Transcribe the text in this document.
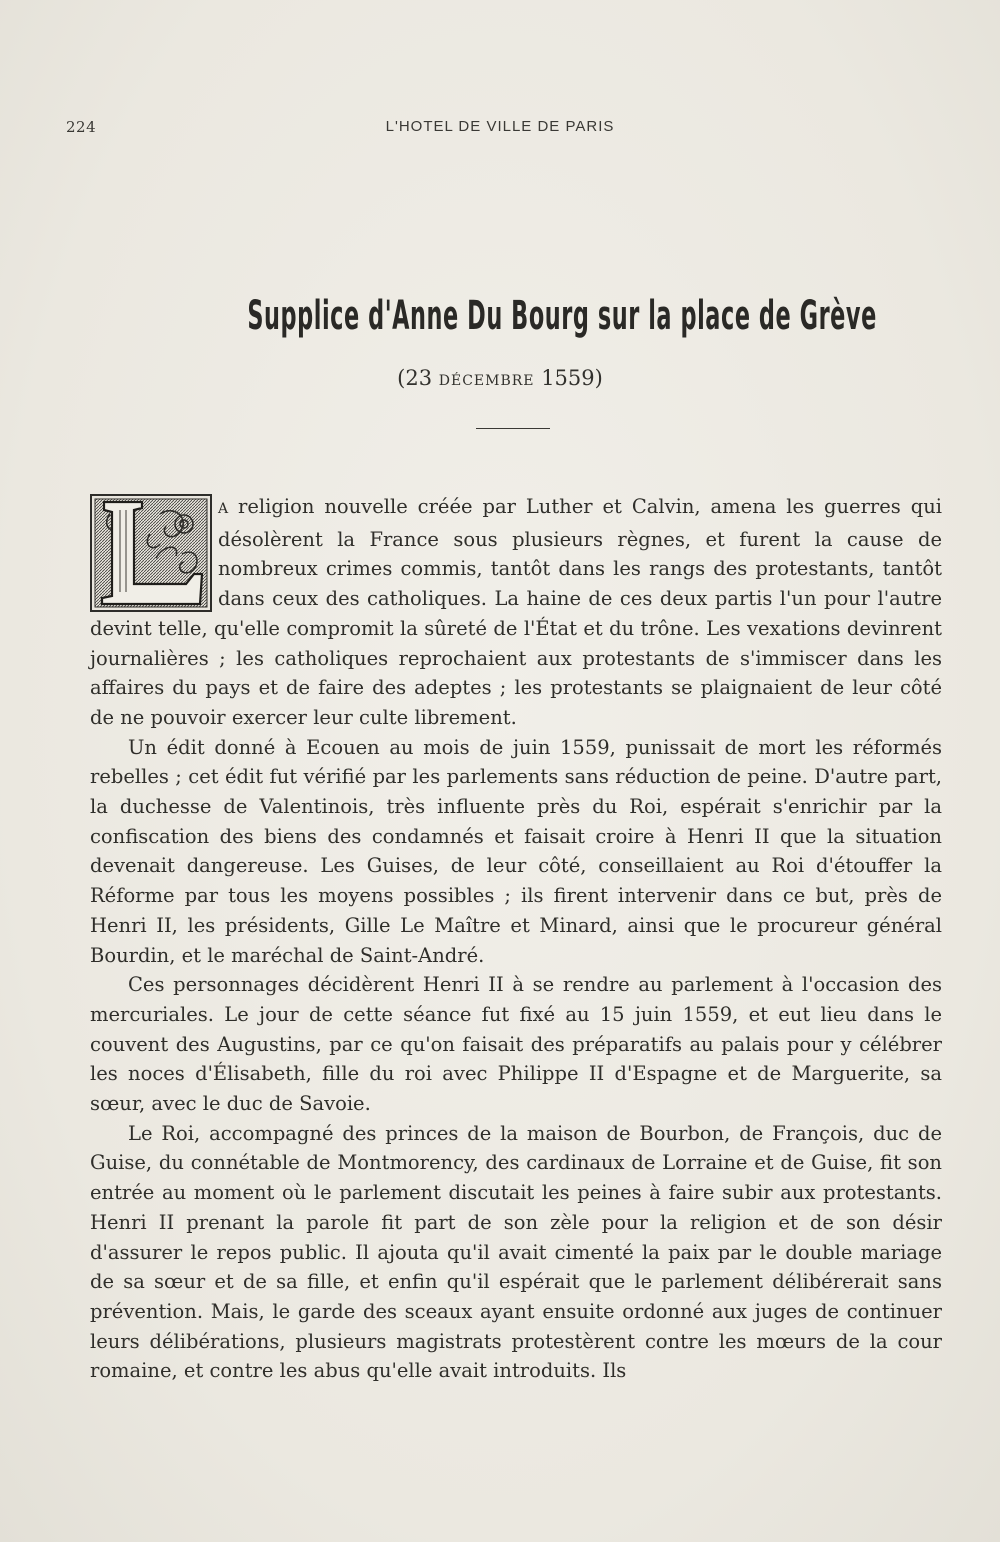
224	L'HOTEL DE VILLE DE PARIS
Supplice d'Anne Du Bourg sur la place de Grève
(23 DÉCEMBRE 1559)

A religion nouvelle créée par Luther et Calvin, amena les guerres qui désolèrent la France sous plusieurs règnes, et furent la cause de nombreux crimes commis, tantôt dans les rangs des protestants, tantôt dans ceux des catholiques. La haine de ces deux partis l'un pour l'autre devint telle, qu'elle compromit la sûreté de l'État et du trône. Les vexations devinrent journalières ; les catholiques reprochaient aux protestants de s'immiscer dans les affaires du pays et de faire des adeptes ; les protestants se plaignaient de leur côté de ne pouvoir exercer leur culte librement.

Un édit donné à Ecouen au mois de juin 1559, punissait de mort les réformés rebelles ; cet édit fut vérifié par les parlements sans réduction de peine. D'autre part, la duchesse de Valentinois, très influente près du Roi, espérait s'enrichir par la confiscation des biens des condamnés et faisait croire à Henri II que la situation devenait dangereuse. Les Guises, de leur côté, conseillaient au Roi d'étouffer la Réforme par tous les moyens possibles ; ils firent intervenir dans ce but, près de Henri II, les présidents, Gille Le Maître et Minard, ainsi que le procureur général Bourdin, et le maréchal de Saint-André.

Ces personnages décidèrent Henri II à se rendre au parlement à l'occasion des mercuriales. Le jour de cette séance fut fixé au 15 juin 1559, et eut lieu dans le couvent des Augustins, par ce qu'on faisait des préparatifs au palais pour y célébrer les noces d'Élisabeth, fille du roi avec Philippe II d'Espagne et de Marguerite, sa sœur, avec le duc de Savoie.

Le Roi, accompagné des princes de la maison de Bourbon, de François, duc de Guise, du connétable de Montmorency, des cardinaux de Lorraine et de Guise, fit son entrée au moment où le parlement discutait les peines à faire subir aux protestants. Henri II prenant la parole fit part de son zèle pour la religion et de son désir d'assurer le repos public. Il ajouta qu'il avait cimenté la paix par le double mariage de sa sœur et de sa fille, et enfin qu'il espérait que le parlement délibérerait sans prévention. Mais, le garde des sceaux ayant ensuite ordonné aux juges de continuer leurs délibérations, plusieurs magistrats protestèrent contre les mœurs de la cour romaine, et contre les abus qu'elle avait introduits. Ils
